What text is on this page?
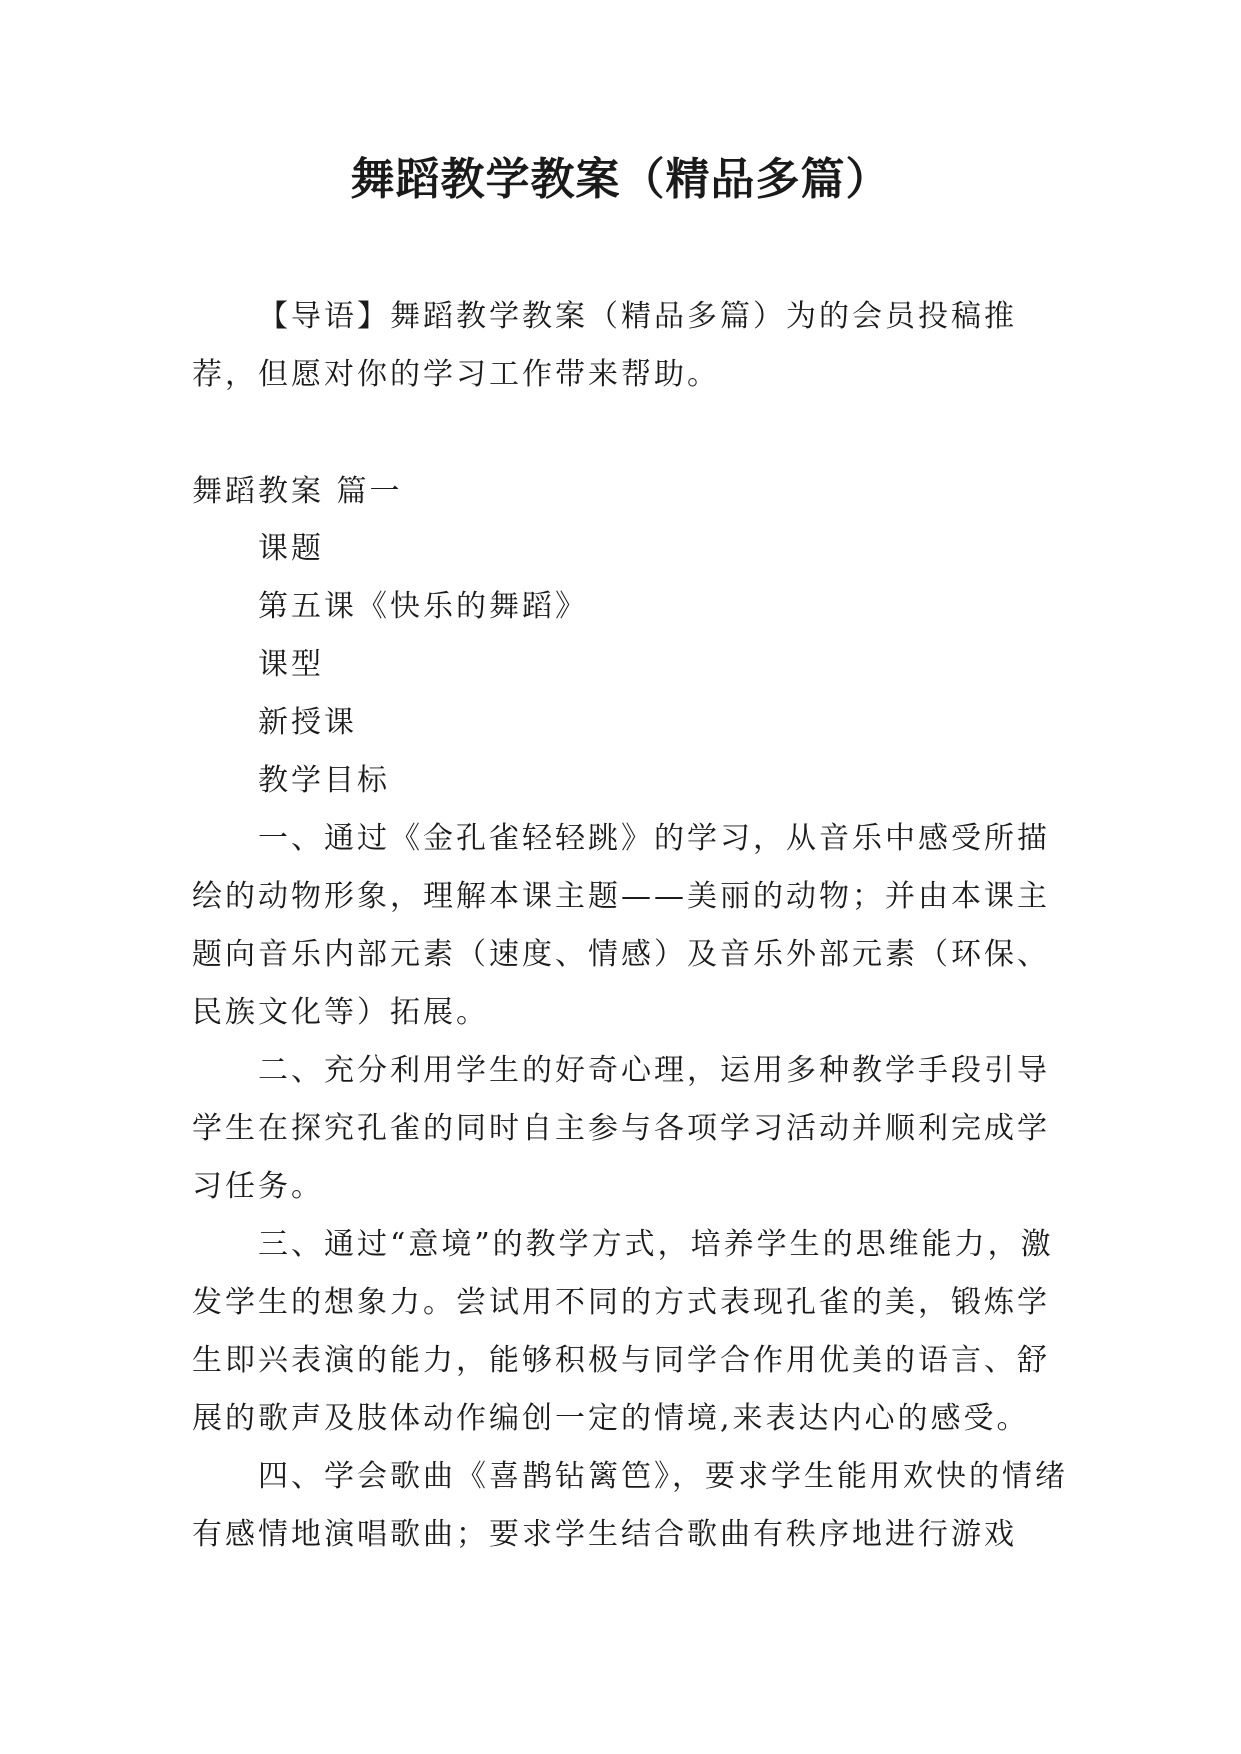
舞蹈教学教案（精品多篇）
【导语】舞蹈教学教案（精品多篇）为的会员投稿推荐，但愿对你的学习工作带来帮助。
舞蹈教案 篇一
课题
第五课《快乐的舞蹈》
课型
新授课
教学目标
一、通过《金孔雀轻轻跳》的学习，从音乐中感受所描绘的动物形象，理解本课主题——美丽的动物；并由本课主题向音乐内部元素（速度、情感）及音乐外部元素（环保、民族文化等）拓展。
二、充分利用学生的好奇心理，运用多种教学手段引导学生在探究孔雀的同时自主参与各项学习活动并顺利完成学习任务。
三、通过“意境”的教学方式，培养学生的思维能力，激发学生的想象力。尝试用不同的方式表现孔雀的美，锻炼学生即兴表演的能力，能够积极与同学合作用优美的语言、舒展的歌声及肢体动作编创一定的情境,来表达内心的感受。
四、学会歌曲《喜鹊钻篱笆》，要求学生能用欢快的情绪有感情地演唱歌曲；要求学生结合歌曲有秩序地进行游戏
